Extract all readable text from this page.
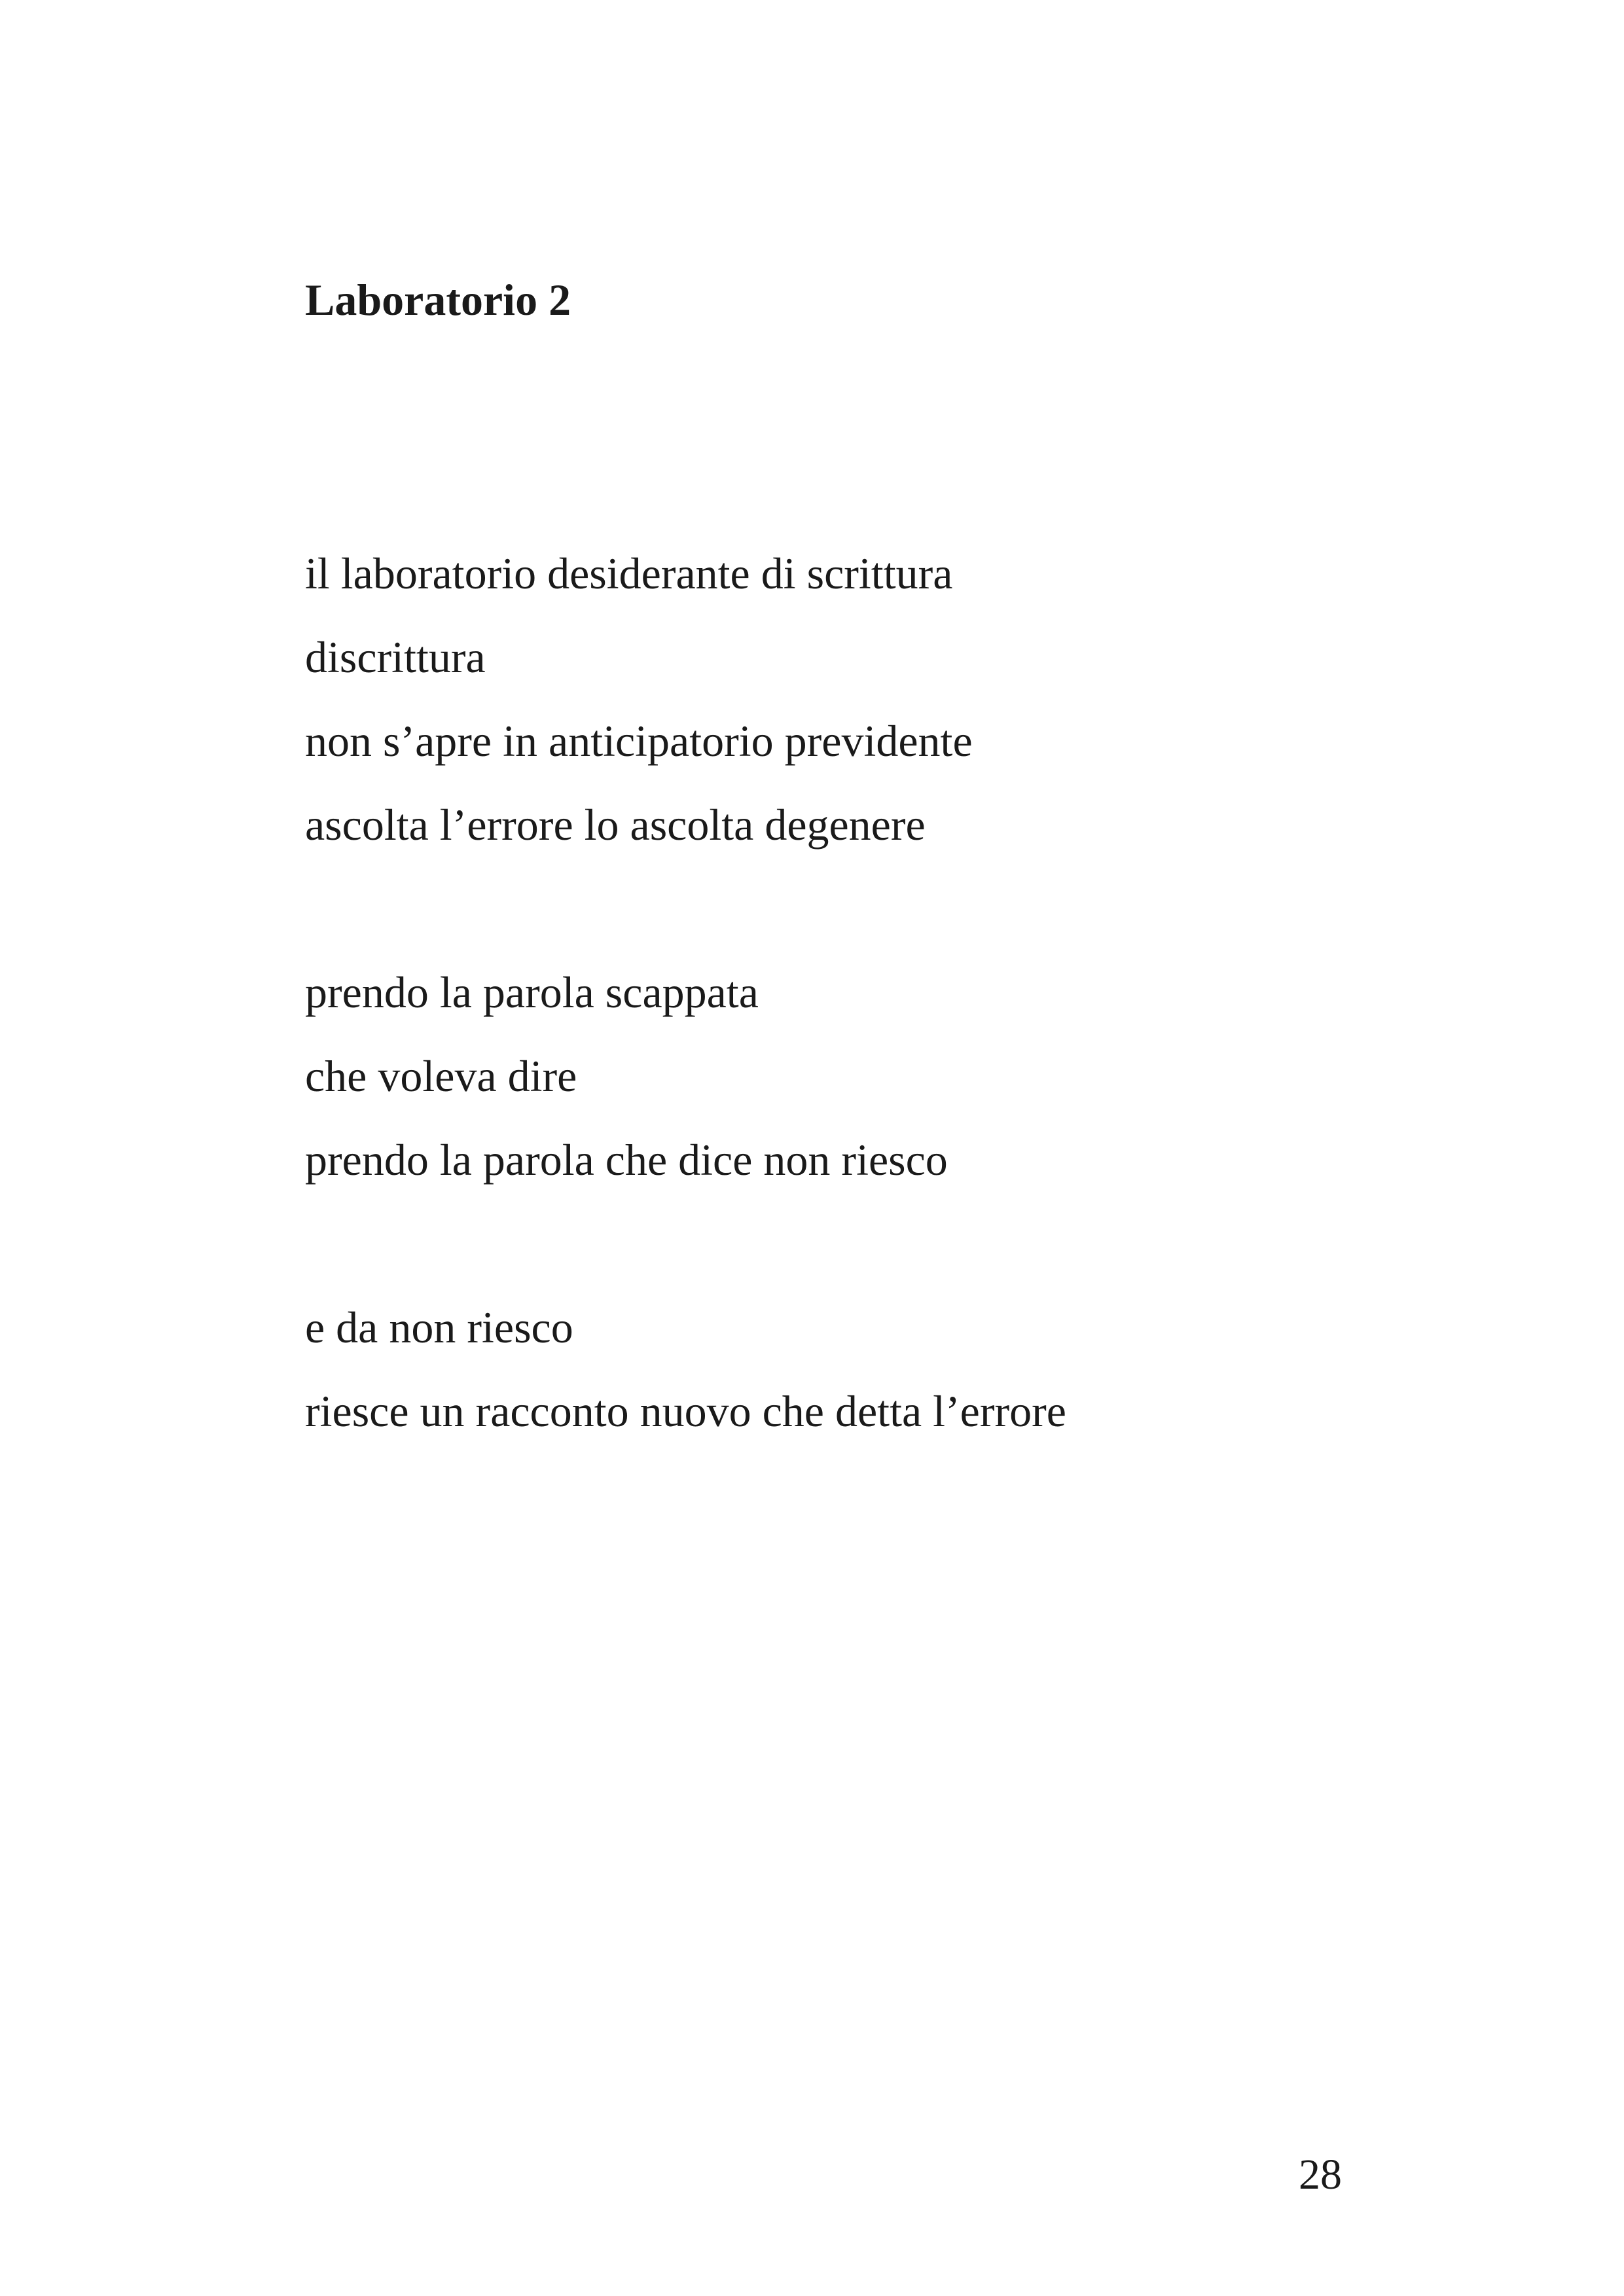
Laboratorio 2
il laboratorio desiderante di scrittura
discrittura
non s’apre in anticipatorio previdente
ascolta l’errore lo ascolta degenere
prendo la parola scappata
che voleva dire
prendo la parola che dice non riesco
e da non riesco
riesce un racconto nuovo che detta l’errore
28
